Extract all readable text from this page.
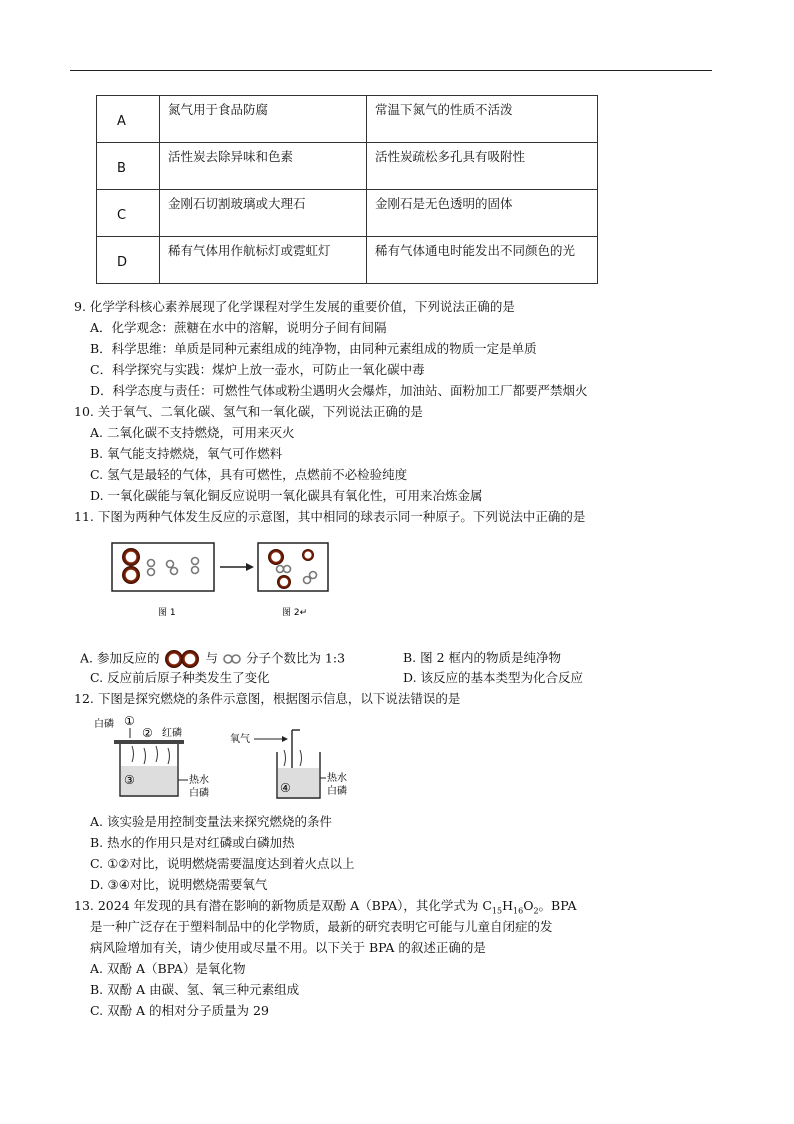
A	氮气用于食品防腐	常温下氮气的性质不活泼
B	活性炭去除异味和色素	活性炭疏松多孔具有吸附性
C	金刚石切割玻璃或大理石	金刚石是无色透明的固体
D	稀有气体用作航标灯或霓虹灯	稀有气体通电时能发出不同颜色的光
9. 化学学科核心素养展现了化学课程对学生发展的重要价值，下列说法正确的是
A．化学观念：蔗糖在水中的溶解，说明分子间有间隔
B．科学思维：单质是同种元素组成的纯净物，由同种元素组成的物质一定是单质
C．科学探究与实践：煤炉上放一壶水，可防止一氧化碳中毒
D．科学态度与责任：可燃性气体或粉尘遇明火会爆炸，加油站、面粉加工厂都要严禁烟火
10. 关于氧气、二氧化碳、氢气和一氧化碳，下列说法正确的是
A. 二氧化碳不支持燃烧，可用来灭火
B. 氧气能支持燃烧，氧气可作燃料
C. 氢气是最轻的气体，具有可燃性，点燃前不必检验纯度
D. 一氧化碳能与氧化铜反应说明一氧化碳具有氧化性，可用来冶炼金属
11. 下图为两种气体发生反应的示意图，其中相同的球表示同一种原子。下列说法中正确的是
图 1	图 2↵
A. 参加反应的	与 分子个数比为 1:3	B. 图 2 框内的物质是纯净物
C. 反应前后原子种类发生了变化	D. 该反应的基本类型为化合反应
12. 下图是探究燃烧的条件示意图，根据图示信息，以下说法错误的是
白磷 ①
② 红磷
③	热水
白磷
氧气
④
热水
白磷
A. 该实验是用控制变量法来探究燃烧的条件
B. 热水的作用只是对红磷或白磷加热
C. ①②对比，说明燃烧需要温度达到着火点以上
D. ③④对比，说明燃烧需要氧气
13. 2024 年发现的具有潜在影响的新物质是双酚 A（BPA），其化学式为 $C_{15}H_{16}O_2$。BPA
是一种广泛存在于塑料制品中的化学物质，最新的研究表明它可能与儿童自闭症的发
病风险增加有关，请少使用或尽量不用。以下关于 BPA 的叙述正确的是
A. 双酚 A（BPA）是氧化物
B. 双酚 A 由碳、氢、氧三种元素组成
C. 双酚 A 的相对分子质量为 29
